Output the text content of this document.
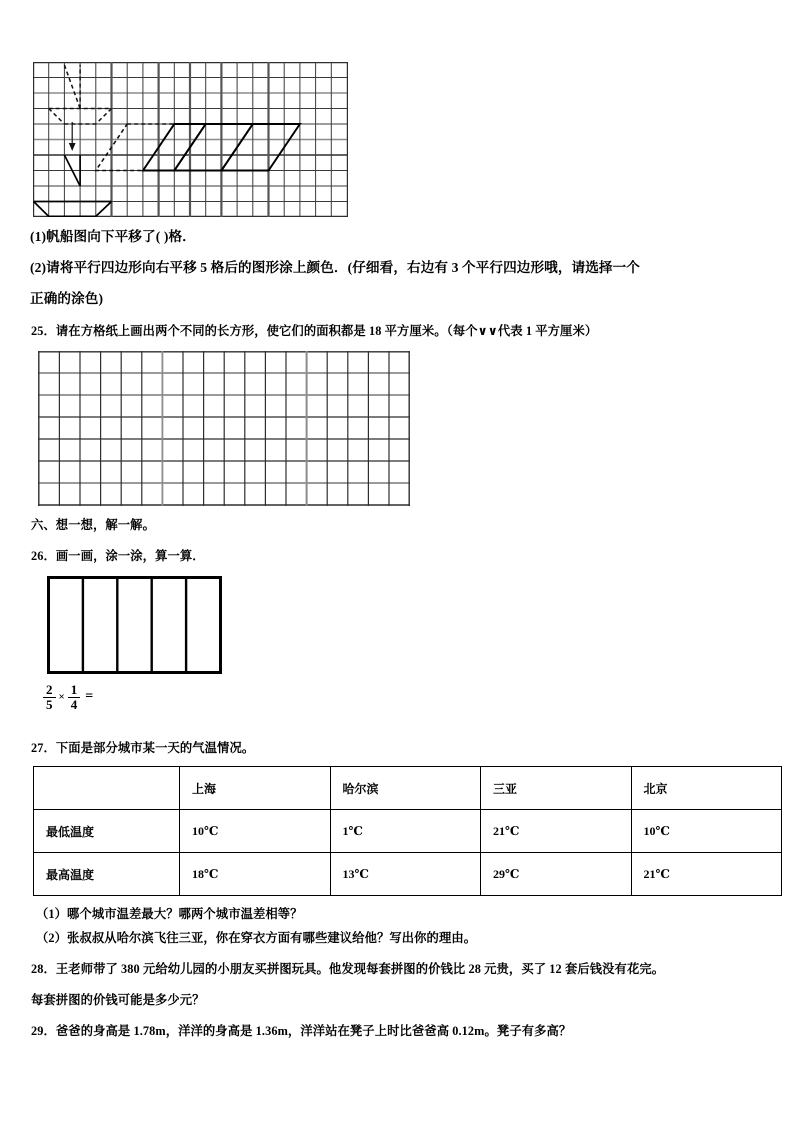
(1)帆船图向下平移了( )格．
(2)请将平行四边形向右平移 5 格后的图形涂上颜色．(仔细看，右边有 3 个平行四边形哦，请选择一个
正确的涂色)
25．请在方格纸上画出两个不同的长方形，使它们的面积都是 18 平方厘米。（每个∨∨代表 1 平方厘米）
六、想一想，解一解。
26．画一画，涂一涂，算一算．
$\frac{2}{5} \times \frac{1}{4}$ =
27．下面是部分城市某一天的气温情况。
	上海	哈尔滨	三亚	北京
最低温度	10℃	1℃	21℃	10℃
最高温度	18℃	13℃	29℃	21℃
（1）哪个城市温差最大？哪两个城市温差相等？
（2）张叔叔从哈尔滨飞往三亚，你在穿衣方面有哪些建议给他？写出你的理由。
28．王老师带了 380 元给幼儿园的小朋友买拼图玩具。他发现每套拼图的价钱比 28 元贵，买了 12 套后钱没有花完。
每套拼图的价钱可能是多少元？
29．爸爸的身高是 1.78m，洋洋的身高是 1.36m，洋洋站在凳子上时比爸爸高 0.12m。凳子有多高？
